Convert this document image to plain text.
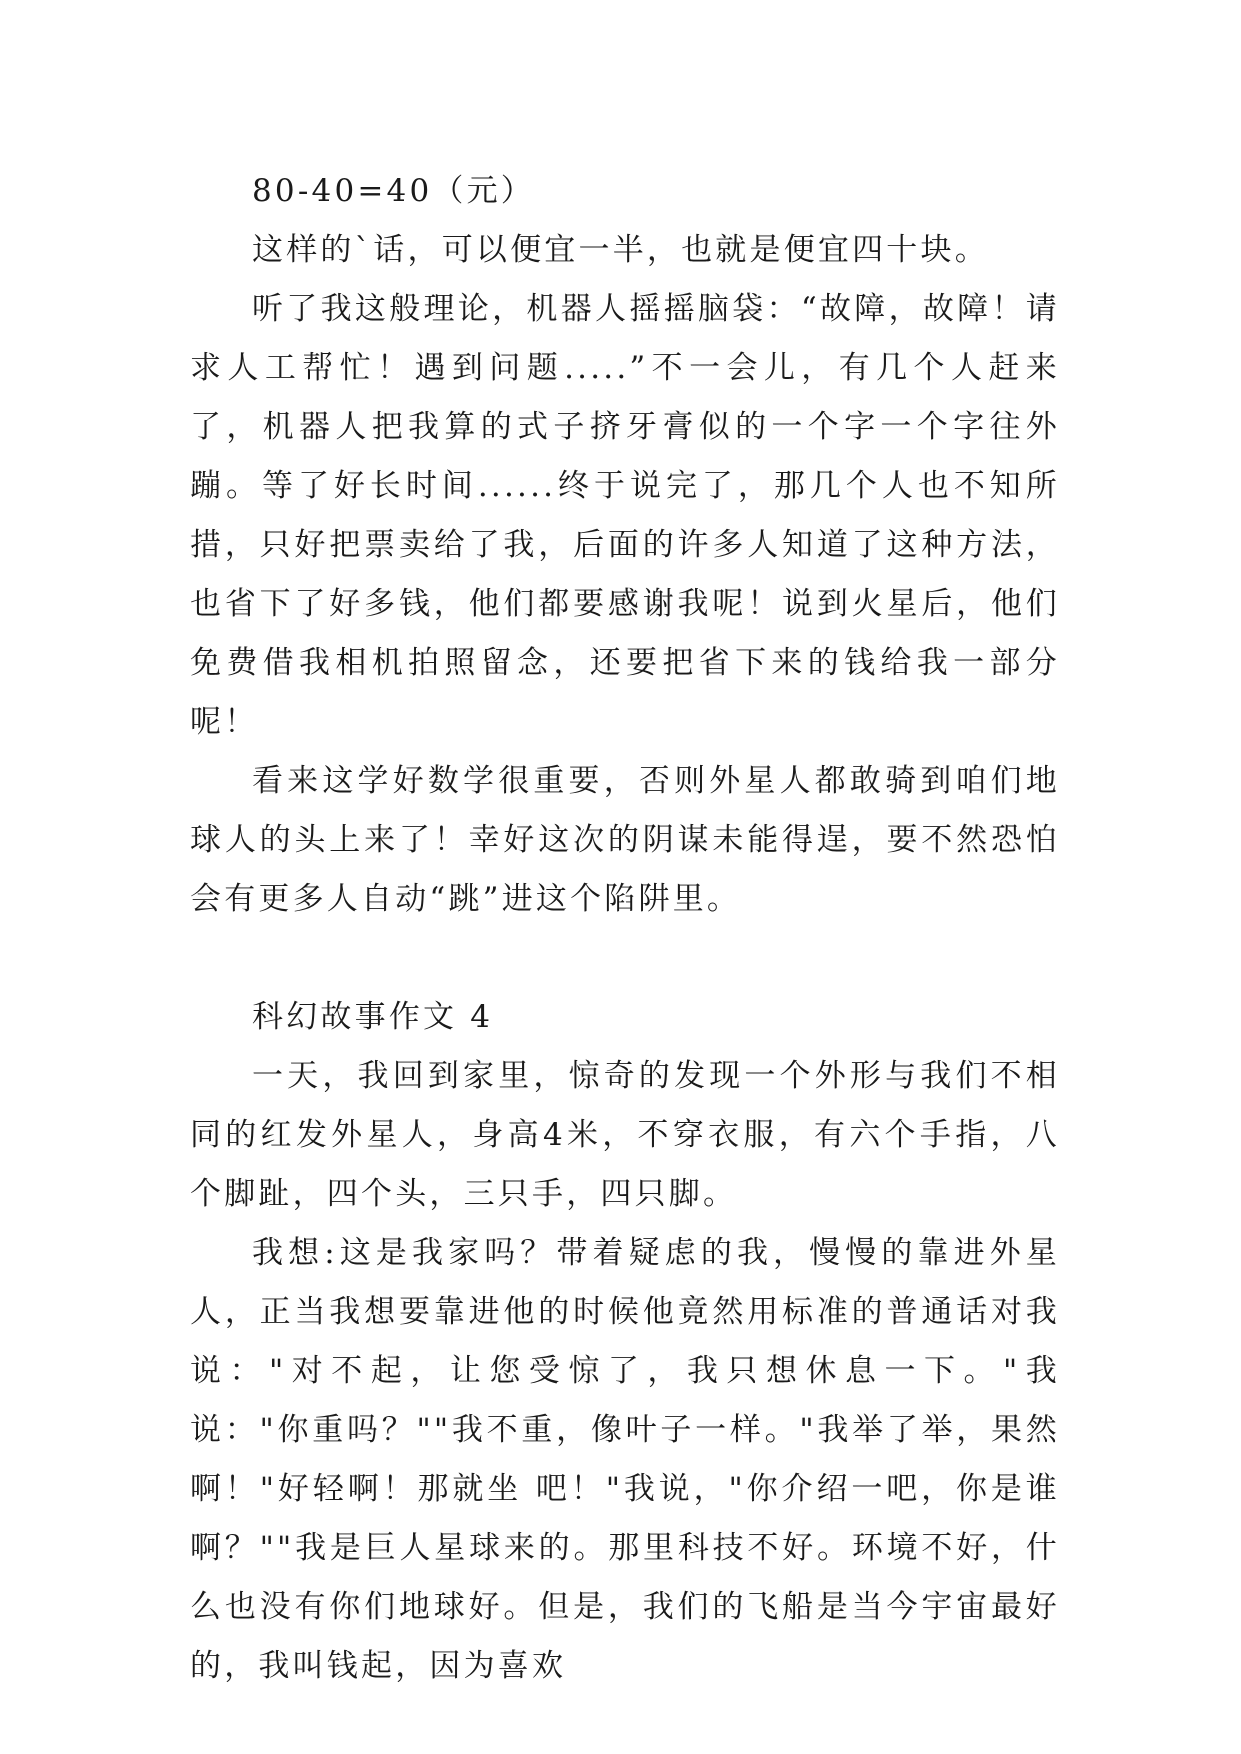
80-40=40（元）

这样的`话，可以便宜一半，也就是便宜四十块。

听了我这般理论，机器人摇摇脑袋：“故障，故障！请求人工帮忙！遇到问题.....”不一会儿，有几个人赶来了，机器人把我算的式子挤牙膏似的一个字一个字往外蹦。等了好长时间......终于说完了，那几个人也不知所措，只好把票卖给了我，后面的许多人知道了这种方法，也省下了好多钱，他们都要感谢我呢！说到火星后，他们免费借我相机拍照留念，还要把省下来的钱给我一部分呢！

看来这学好数学很重要，否则外星人都敢骑到咱们地球人的头上来了！幸好这次的阴谋未能得逞，要不然恐怕会有更多人自动“跳”进这个陷阱里。

科幻故事作文 4

一天，我回到家里，惊奇的发现一个外形与我们不相同的红发外星人，身高4米，不穿衣服，有六个手指，八个脚趾，四个头，三只手，四只脚。

我想:这是我家吗？带着疑虑的我，慢慢的靠进外星人，正当我想要靠进他的时候他竟然用标准的普通话对我说："对不起，让您受惊了，我只想休息一下。"我说："你重吗？""我不重，像叶子一样。"我举了举，果然啊！"好轻啊！那就坐 吧！"我说，"你介绍一吧，你是谁啊？""我是巨人星球来的。那里科技不好。环境不好，什么也没有你们地球好。但是，我们的飞船是当今宇宙最好的，我叫钱起，因为喜欢
